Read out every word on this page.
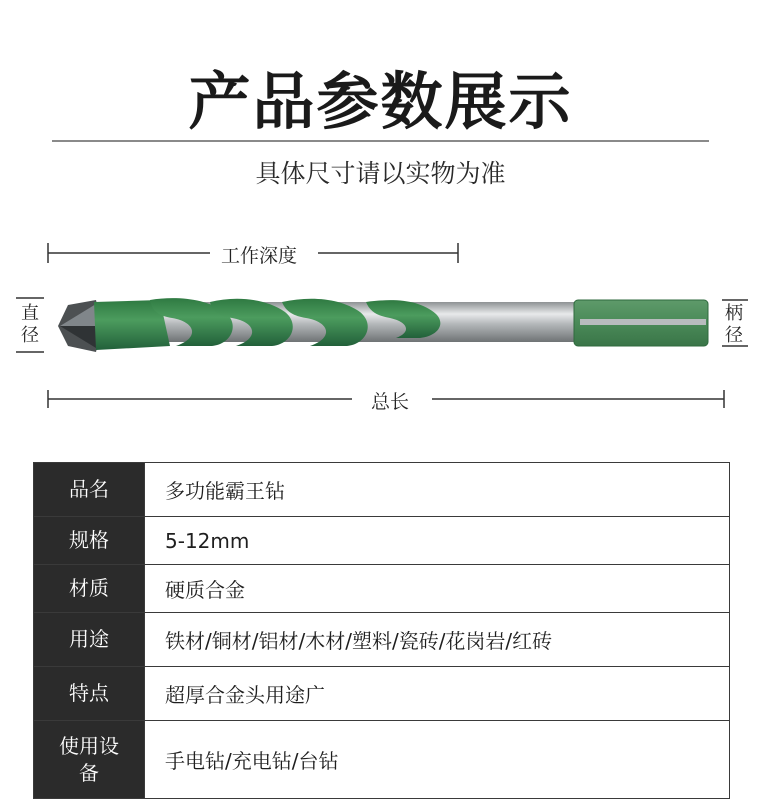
产品参数展示
具体尺寸请以实物为准
工作深度
总长
直径
柄径
品名	多功能霸王钻
规格	5-12mm
材质	硬质合金
用途	铁材/铜材/铝材/木材/塑料/瓷砖/花岗岩/红砖
特点	超厚合金头用途广
使用设备	手电钻/充电钻/台钻
